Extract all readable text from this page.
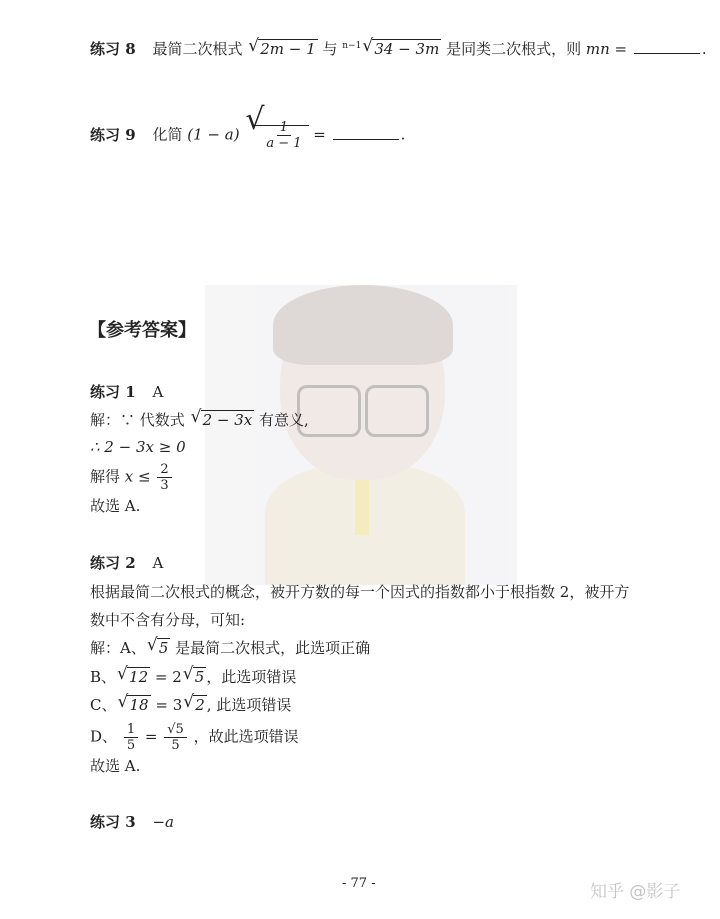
练习 8 最简二次根式 √ 2m − 1 与 $^{n-1}$ √ 34 − 3m 是同类二次根式，则 mn =	.
练习 9 化简 (1 − a) √
$\frac{1}{a - 1}$ =	.
【参考答案】
练习 1 A
解：∵ 代数式 √ 2 − 3x 有意义,
∴ 2 − 3x ≥ 0
解得 $x \le \frac{2}{3}$
故选 A.
练习 2 A
根据最简二次根式的概念，被开方数的每一个因式的指数都小于根指数 2，被开方
数中不含有分母，可知:
解：A、 √ 5 是最简二次根式，此选项正确
B、 √ 12 = 2 √ 5 ，此选项错误
C、 √ 18 = 3 √ 2 , 此选项错误
D、 $\frac{1}{5} = \frac{√5}{5}$ ，故此选项错误
故选 A.
练习 3 −a
- 77 -	知乎 @影子
